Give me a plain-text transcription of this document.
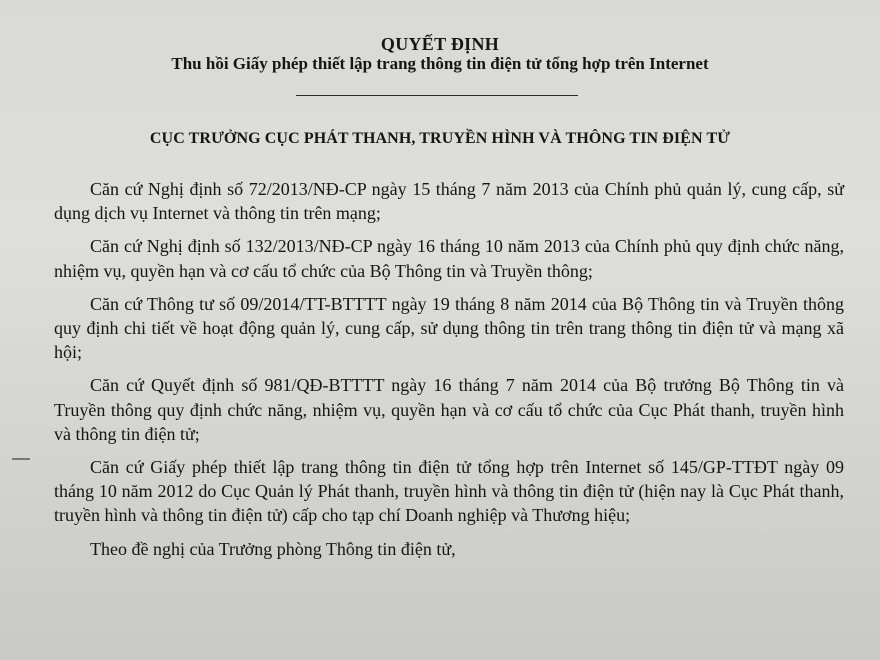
QUYẾT ĐỊNH
Thu hồi Giấy phép thiết lập trang thông tin điện tử tổng hợp trên Internet
CỤC TRƯỞNG CỤC PHÁT THANH, TRUYỀN HÌNH VÀ THÔNG TIN ĐIỆN TỬ

Căn cứ Nghị định số 72/2013/NĐ-CP ngày 15 tháng 7 năm 2013 của Chính phủ quản lý, cung cấp, sử dụng dịch vụ Internet và thông tin trên mạng;

Căn cứ Nghị định số 132/2013/NĐ-CP ngày 16 tháng 10 năm 2013 của Chính phủ quy định chức năng, nhiệm vụ, quyền hạn và cơ cấu tổ chức của Bộ Thông tin và Truyền thông;

Căn cứ Thông tư số 09/2014/TT-BTTTT ngày 19 tháng 8 năm 2014 của Bộ Thông tin và Truyền thông quy định chi tiết về hoạt động quản lý, cung cấp, sử dụng thông tin trên trang thông tin điện tử và mạng xã hội;

Căn cứ Quyết định số 981/QĐ-BTTTT ngày 16 tháng 7 năm 2014 của Bộ trưởng Bộ Thông tin và Truyền thông quy định chức năng, nhiệm vụ, quyền hạn và cơ cấu tổ chức của Cục Phát thanh, truyền hình và thông tin điện tử;

Căn cứ Giấy phép thiết lập trang thông tin điện tử tổng hợp trên Internet số 145/GP-TTĐT ngày 09 tháng 10 năm 2012 do Cục Quản lý Phát thanh, truyền hình và thông tin điện tử (hiện nay là Cục Phát thanh, truyền hình và thông tin điện tử) cấp cho tạp chí Doanh nghiệp và Thương hiệu;

Theo đề nghị của Trưởng phòng Thông tin điện tử,
